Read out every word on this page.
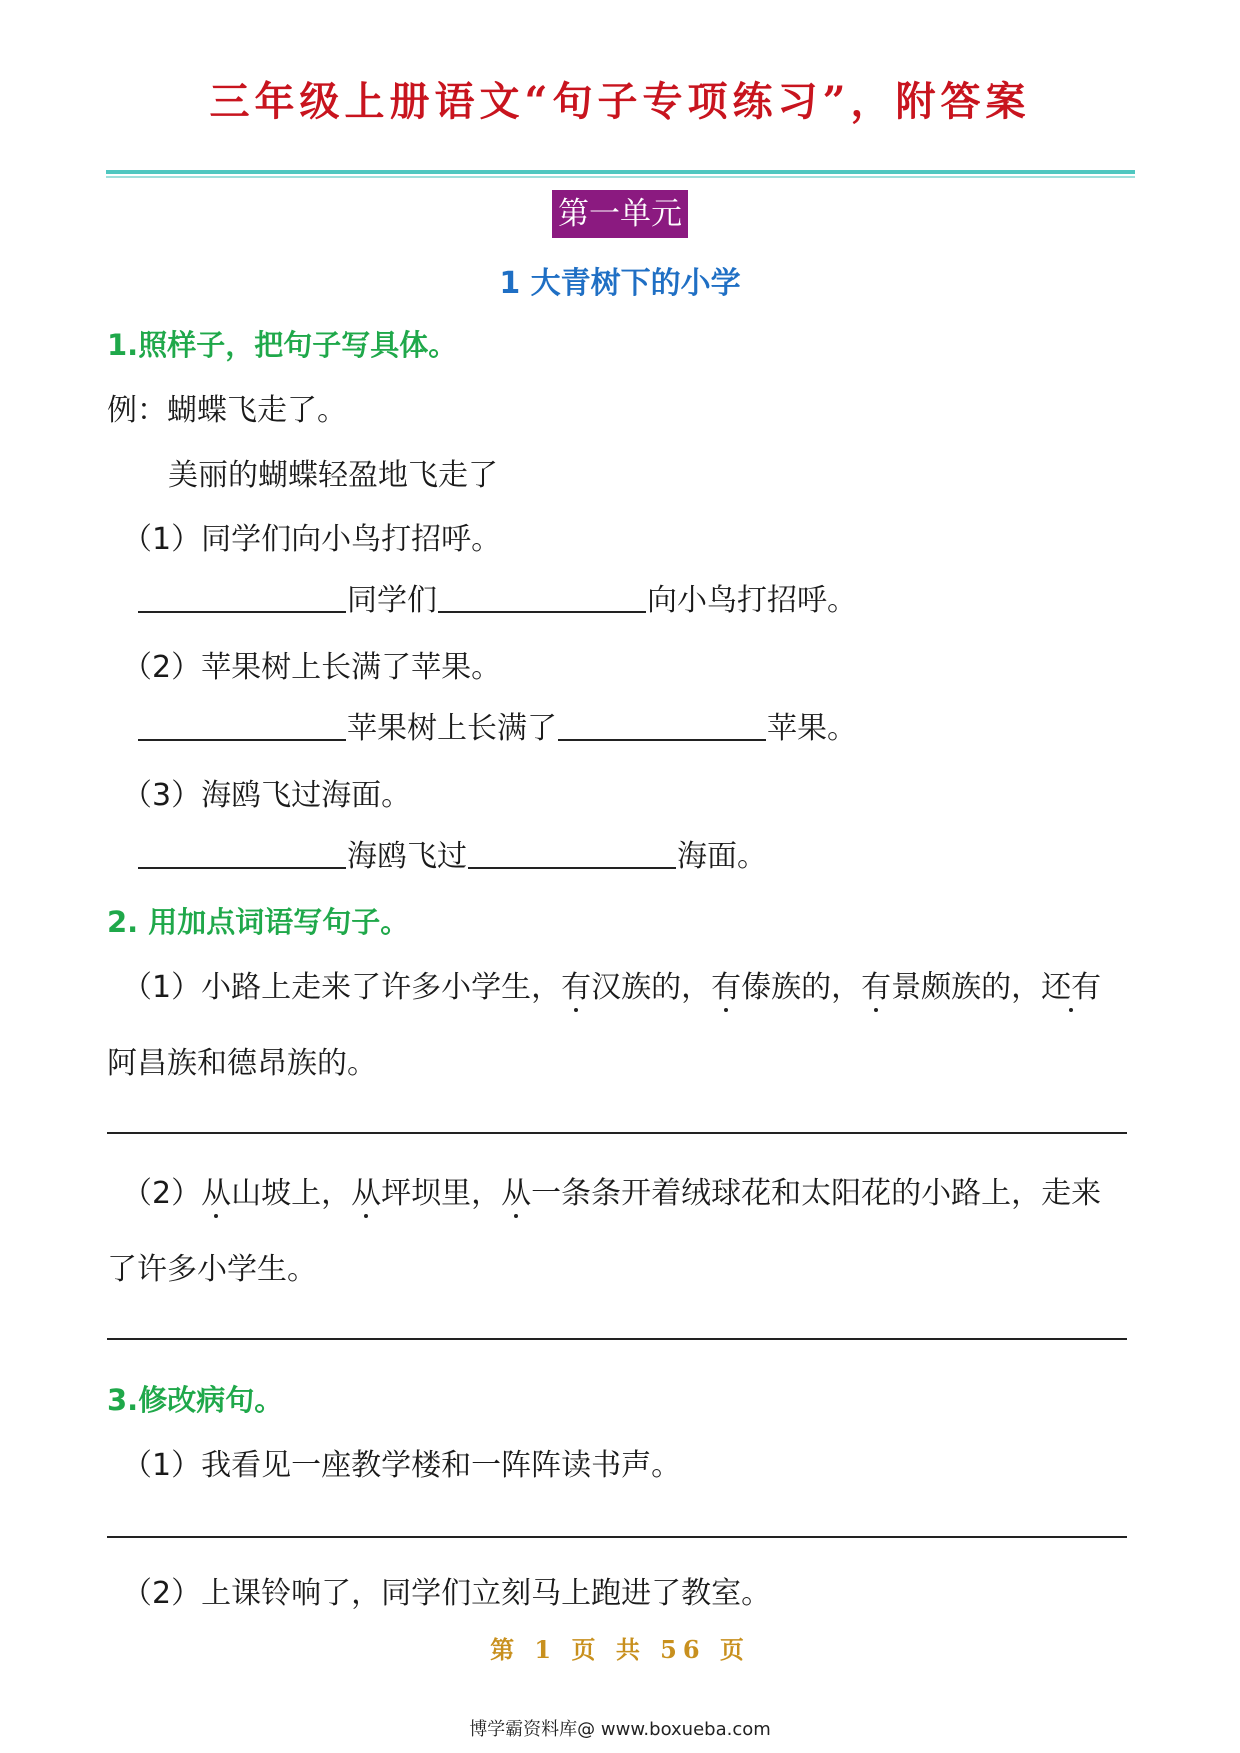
三年级上册语文“句子专项练习”，附答案
第一单元
1 大青树下的小学
1.照样子，把句子写具体。
例：蝴蝶飞走了。
美丽的蝴蝶轻盈地飞走了
（1）同学们向小鸟打招呼。
同学们	向小鸟打招呼。
（2）苹果树上长满了苹果。
苹果树上长满了	苹果。
（3）海鸥飞过海面。
海鸥飞过	海面。
2. 用加点词语写句子。
（1）小路上走来了许多小学生，有汉族的，有傣族的，有景颇族的，还有
阿昌族和德昂族的。
（2）从山坡上，从坪坝里，从一条条开着绒球花和太阳花的小路上，走来
了许多小学生。
3.修改病句。
（1）我看见一座教学楼和一阵阵读书声。
（2）上课铃响了，同学们立刻马上跑进了教室。
第 1 页 共 56 页
博学霸资料库@ www.boxueba.com
